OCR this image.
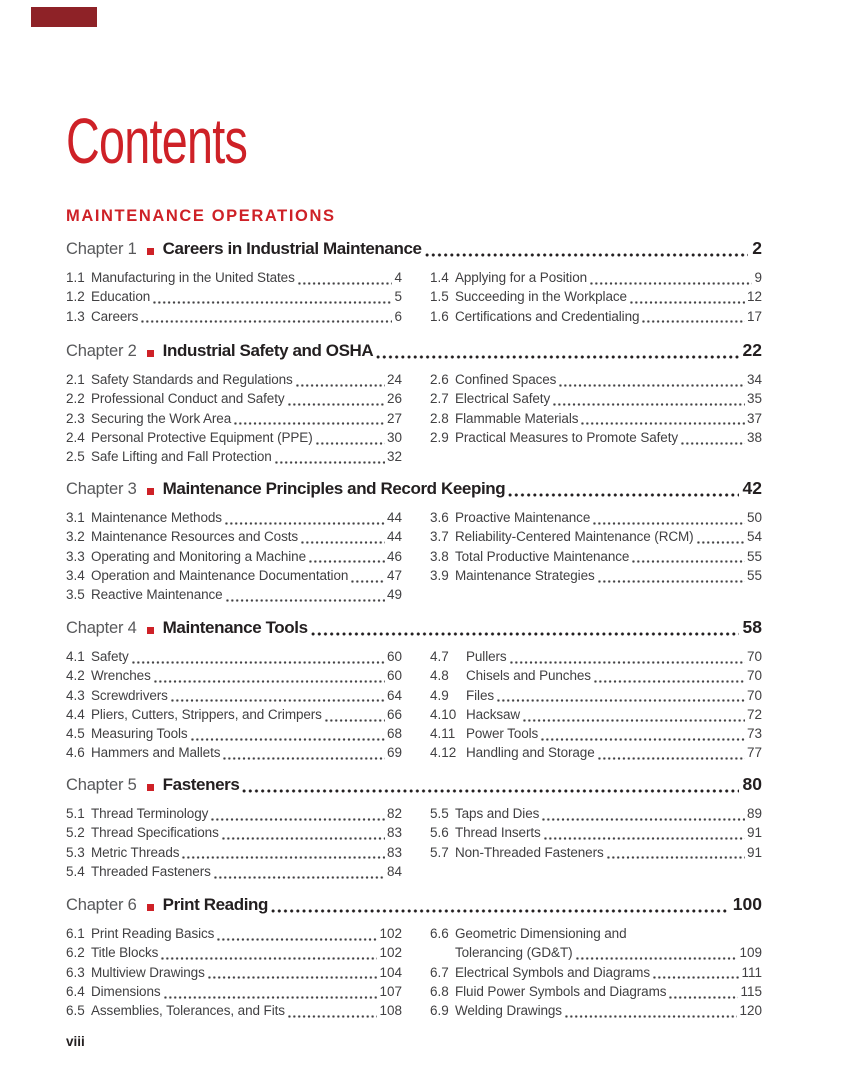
Contents
MAINTENANCE OPERATIONS
Chapter 1 Careers in Industrial Maintenance	2
1.1 Manufacturing in the United States	4
1.2 Education	5
1.3 Careers	6
1.4 Applying for a Position	9
1.5 Succeeding in the Workplace	12
1.6 Certifications and Credentialing	17
Chapter 2 Industrial Safety and OSHA	22
2.1 Safety Standards and Regulations	24
2.2 Professional Conduct and Safety	26
2.3 Securing the Work Area	27
2.4 Personal Protective Equipment (PPE)	30
2.5 Safe Lifting and Fall Protection	32
2.6 Confined Spaces	34
2.7 Electrical Safety	35
2.8 Flammable Materials	37
2.9 Practical Measures to Promote Safety	38
Chapter 3 Maintenance Principles and Record Keeping	42
3.1 Maintenance Methods	44
3.2 Maintenance Resources and Costs	44
3.3 Operating and Monitoring a Machine	46
3.4 Operation and Maintenance Documentation	47
3.5 Reactive Maintenance	49
3.6 Proactive Maintenance	50
3.7 Reliability-Centered Maintenance (RCM)	54
3.8 Total Productive Maintenance	55
3.9 Maintenance Strategies	55
Chapter 4 Maintenance Tools	58
4.1 Safety	60
4.2 Wrenches	60
4.3 Screwdrivers	64
4.4 Pliers, Cutters, Strippers, and Crimpers	66
4.5 Measuring Tools	68
4.6 Hammers and Mallets	69
4.7	Pullers	70
4.8	Chisels and Punches	70
4.9	Files	70
4.10 Hacksaw	72
4.11 Power Tools	73
4.12 Handling and Storage	77
Chapter 5 Fasteners	80
5.1 Thread Terminology	82
5.2 Thread Specifications	83
5.3 Metric Threads	83
5.4 Threaded Fasteners	84
5.5 Taps and Dies	89
5.6 Thread Inserts	91
5.7 Non-Threaded Fasteners	91
Chapter 6 Print Reading	100
6.1 Print Reading Basics	102
6.2 Title Blocks	102
6.3 Multiview Drawings	104
6.4 Dimensions	107
6.5 Assemblies, Tolerances, and Fits	108
6.6 Geometric Dimensioning and
Tolerancing (GD&T)	109
6.7 Electrical Symbols and Diagrams	111
6.8 Fluid Power Symbols and Diagrams	115
6.9 Welding Drawings	120
viii
